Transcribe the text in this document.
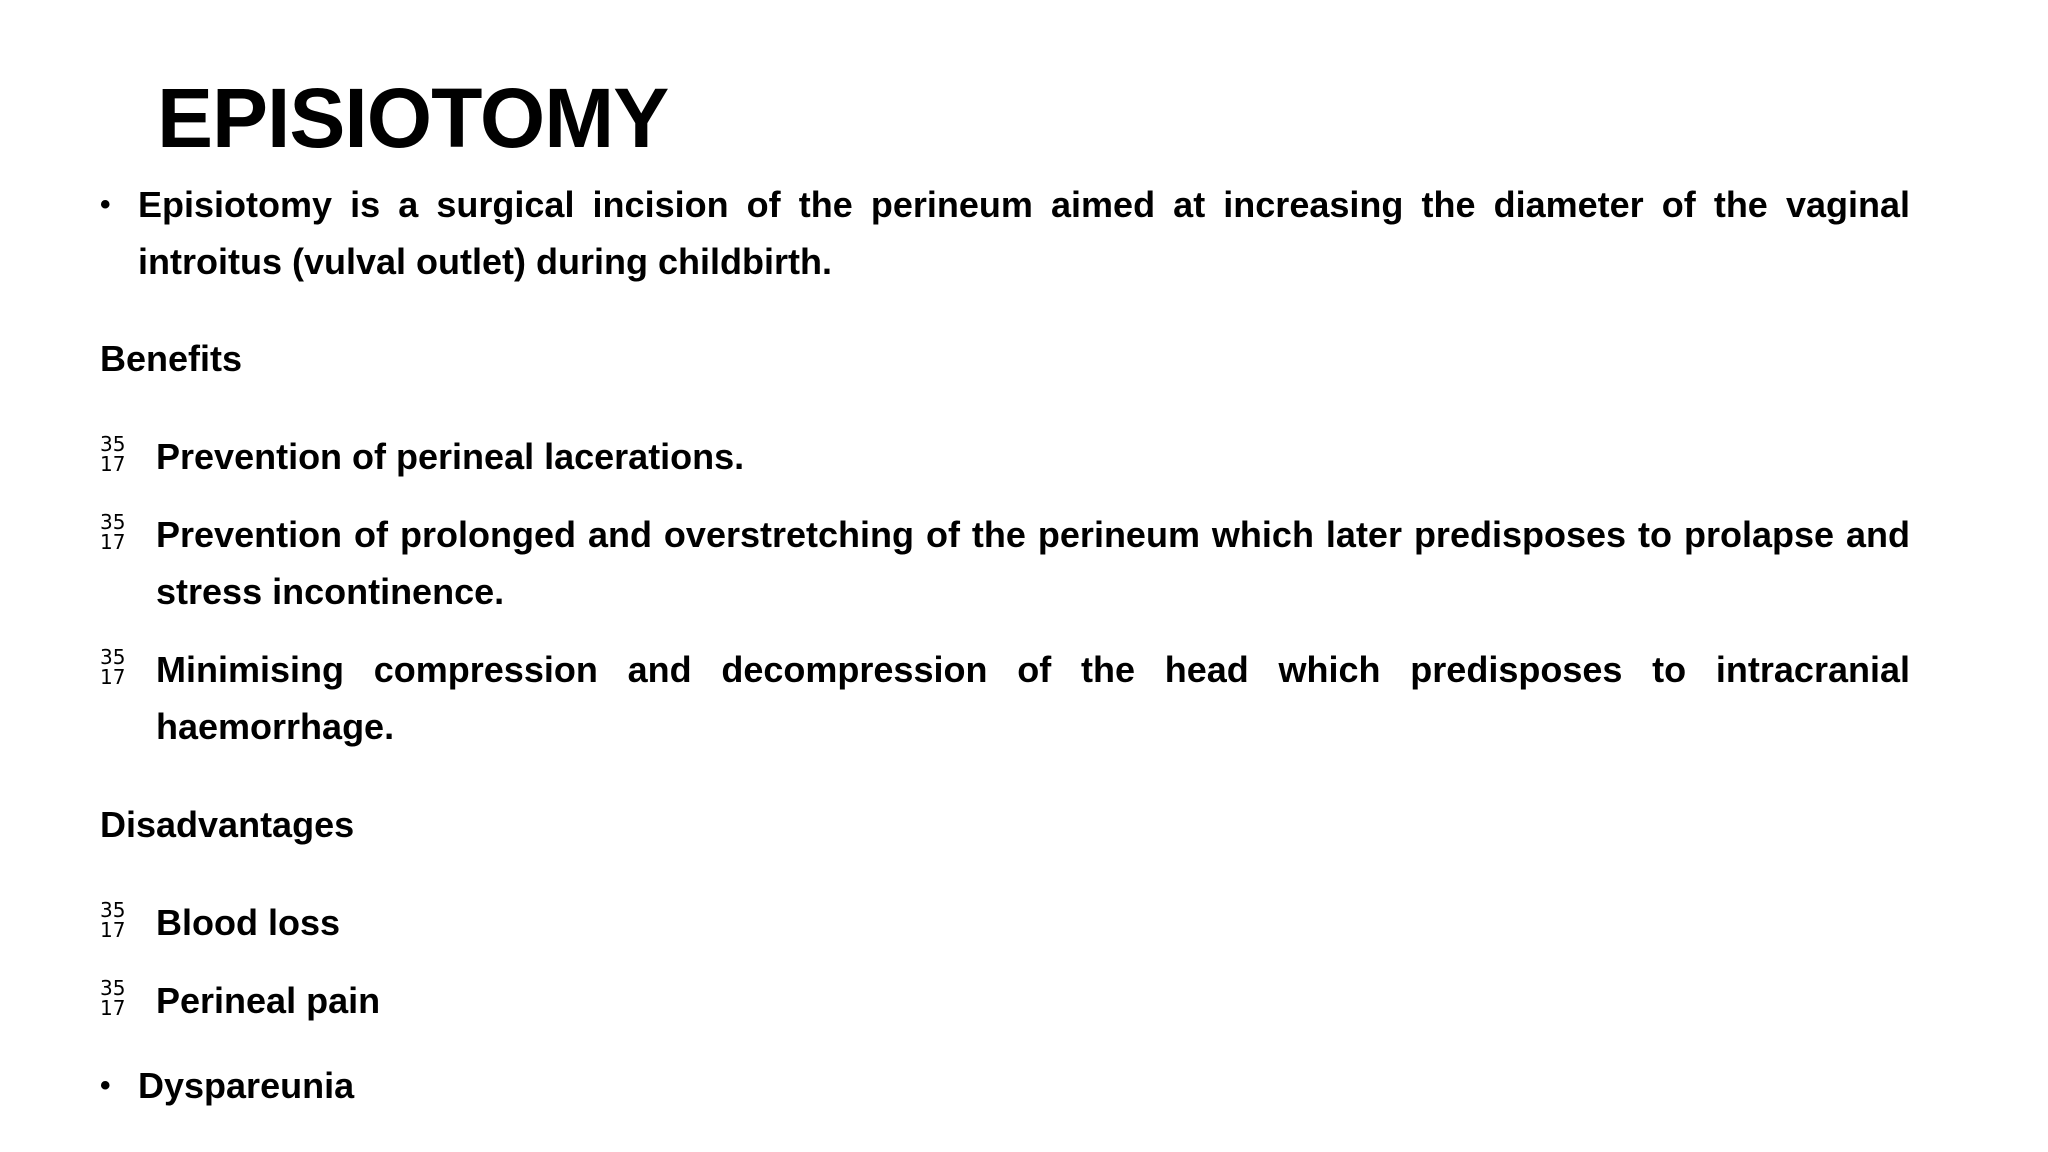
EPISIOTOMY
• Episiotomy is a surgical incision of the perineum aimed at increasing the diameter of the vaginal introitus (vulval outlet) during childbirth.
Benefits
35
17 Prevention of perineal lacerations.
35
17 Prevention of prolonged and overstretching of the perineum which later predisposes to prolapse and stress incontinence.
35
17 Minimising compression and decompression of the head which predisposes to intracranial haemorrhage.
Disadvantages
35
17 Blood loss
35
17 Perineal pain
• Dyspareunia
